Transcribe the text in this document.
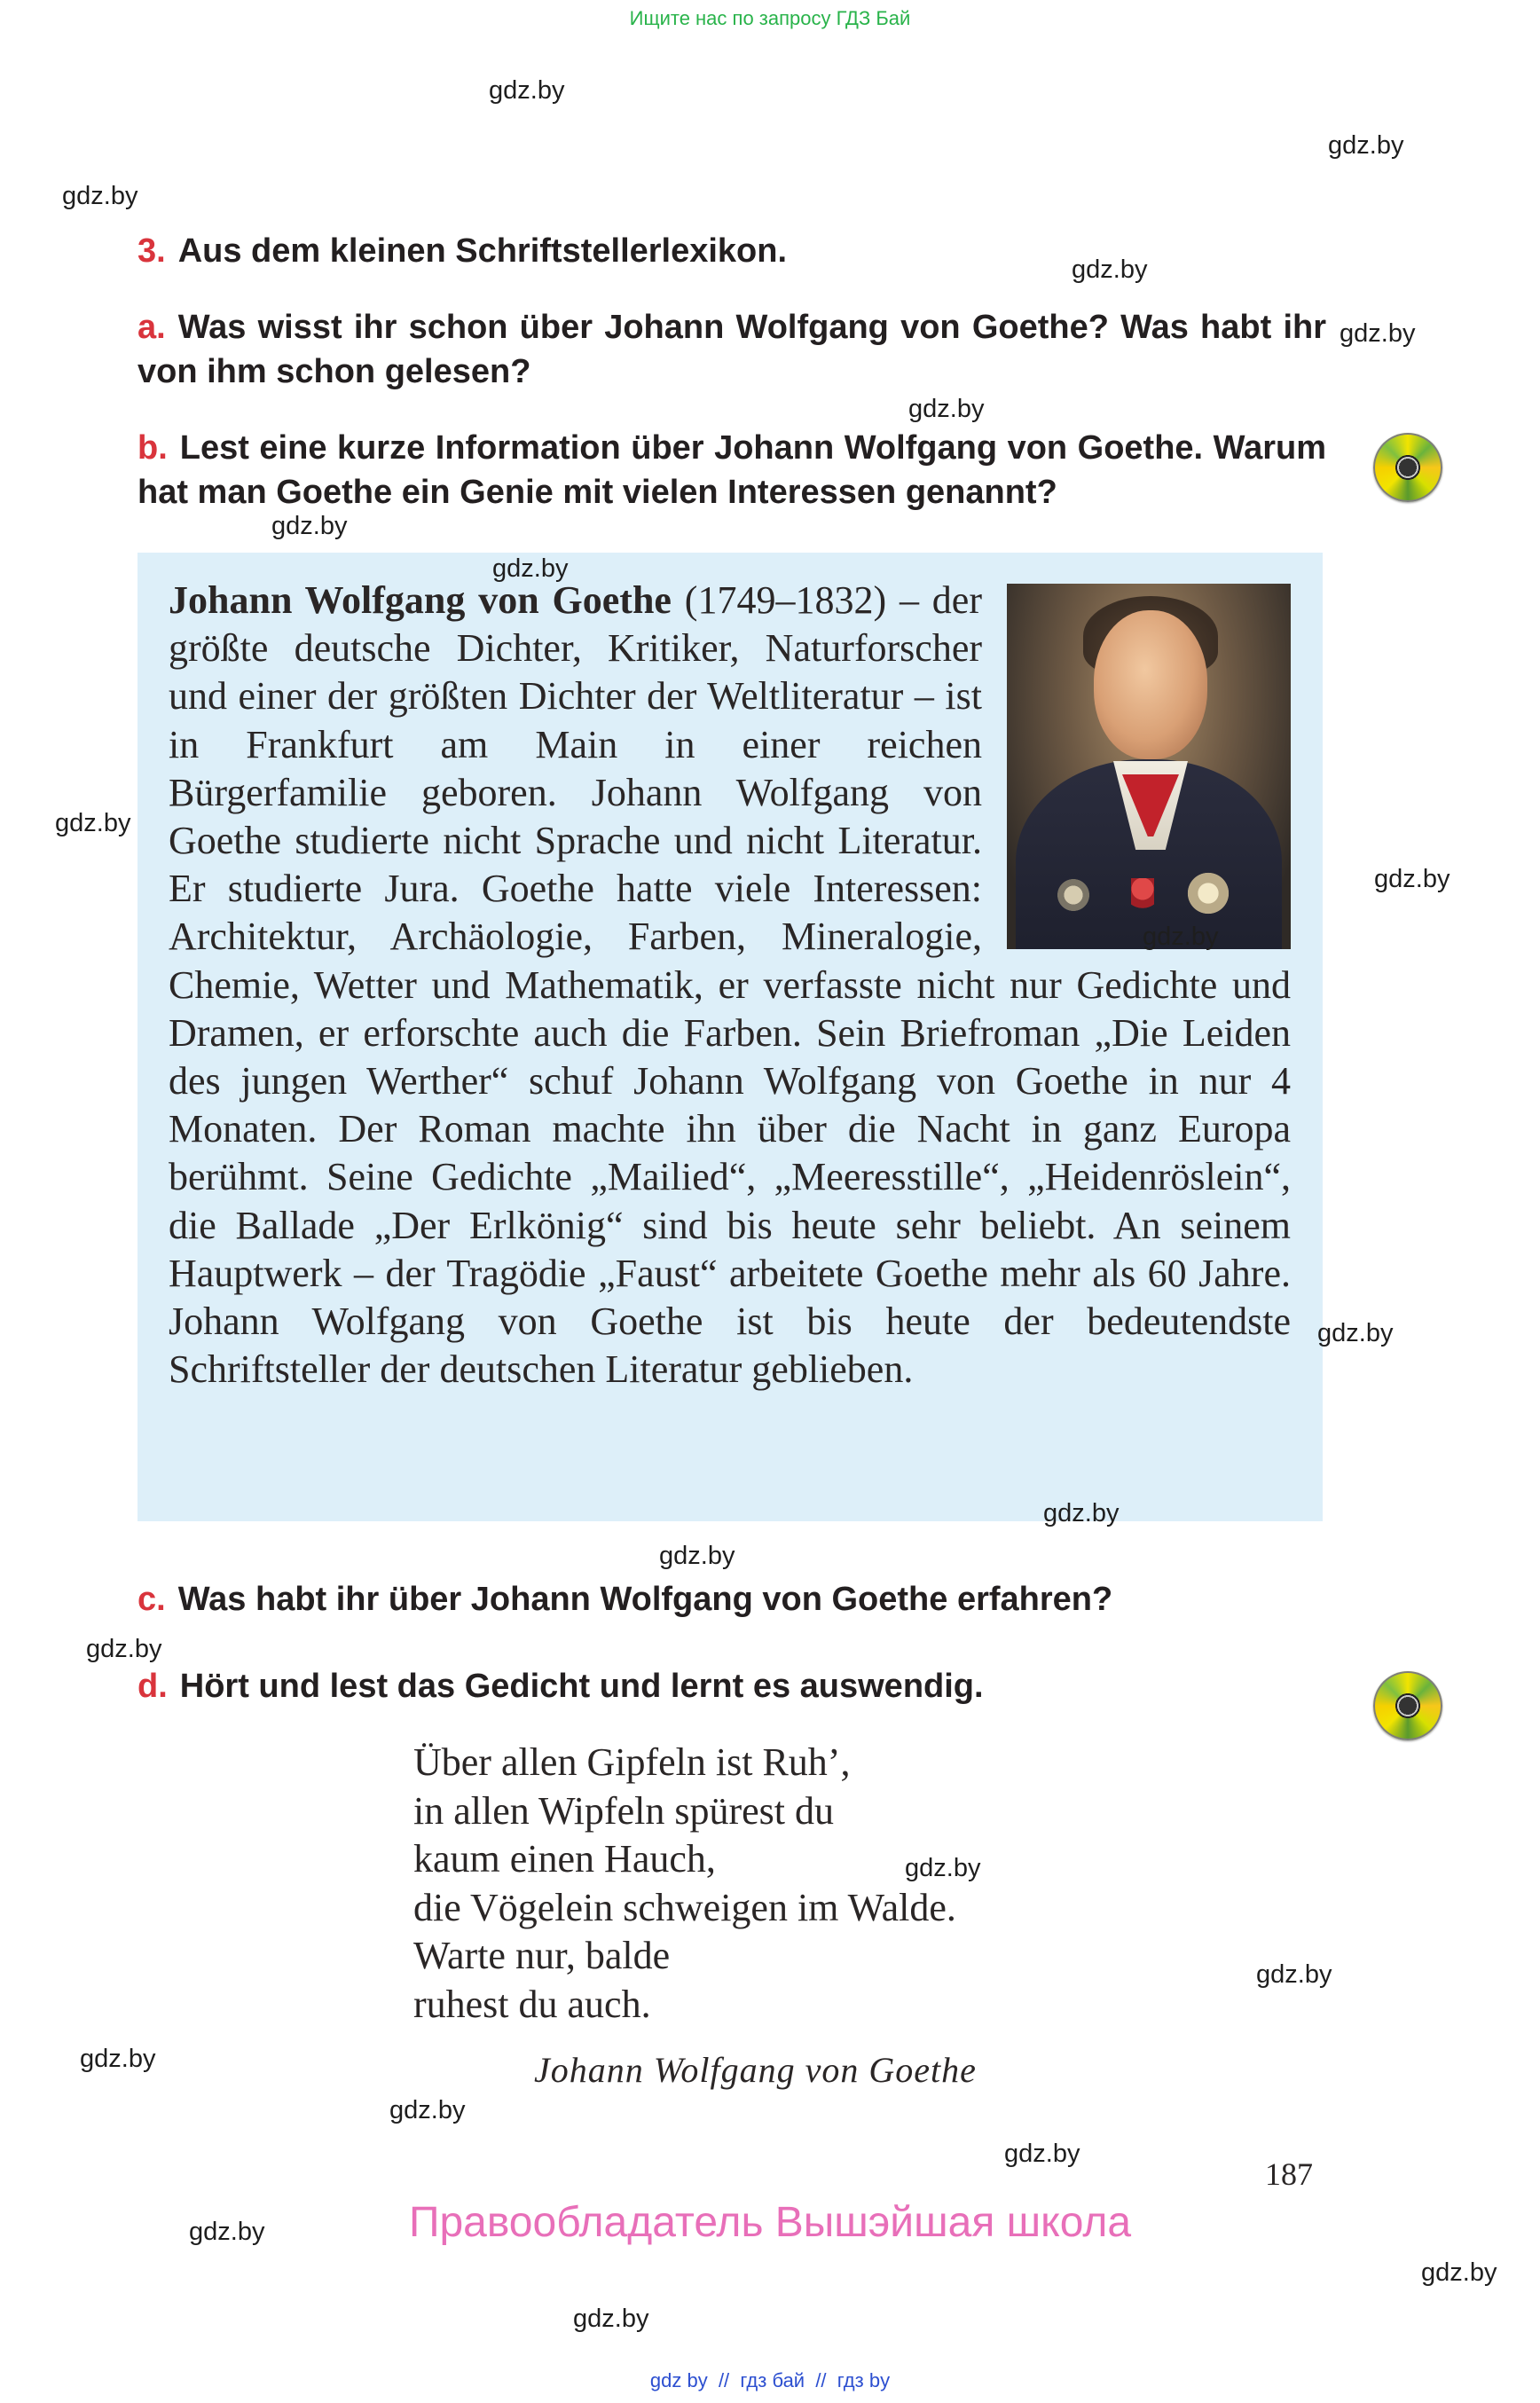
Ищите нас по запросу ГДЗ Бай
gdz.by
gdz.by
gdz.by
gdz.by
gdz.by
gdz.by
gdz.by
3. Aus dem kleinen Schriftstellerlexikon.
a. Was wisst ihr schon über Johann Wolfgang von Goethe? Was habt ihr von ihm schon gelesen?
b. Lest eine kurze Information über Johann Wolfgang von Goethe. Warum hat man Goethe ein Genie mit vielen Interessen genannt?
gdz.by
Johann Wolfgang von Goethe (1749–1832) – der größte deutsche Dichter, Kritiker, Naturforscher und einer der größten Dichter der Weltliteratur – ist in Frankfurt am Main in einer reichen Bürgerfamilie geboren. Johann Wolfgang von Goethe studierte nicht Sprache und nicht Literatur. Er studierte Jura. Goethe hatte viele Interessen: Architektur, Archäologie, Farben, Mineralogie, Chemie, Wetter und Mathematik, er verfasste nicht nur Gedichte und Dramen, er erforschte auch die Farben. Sein Briefroman „Die Leiden des jungen Werther“ schuf Johann Wolfgang von Goethe in nur 4 Monaten. Der Roman machte ihn über die Nacht in ganz Europa berühmt. Seine Gedichte „Mailied“, „Meeresstille“, „Heidenröslein“, die Ballade „Der Erlkönig“ sind bis heute sehr beliebt. An seinem Hauptwerk – der Tragödie „Faust“ arbeitete Goethe mehr als 60 Jahre. Johann Wolfgang von Goethe ist bis heute der bedeutendste Schriftsteller der deutschen Literatur geblieben.
gdz.by
gdz.by
gdz.by
gdz.by
gdz.by
gdz.by
c. Was habt ihr über Johann Wolfgang von Goethe erfahren?
gdz.by
d. Hört und lest das Gedicht und lernt es auswendig.
Über allen Gipfeln ist Ruh’,
in allen Wipfeln spürest du
kaum einen Hauch,
die Vögelein schweigen im Walde.
Warte nur, balde
ruhest du auch.
gdz.by
gdz.by
Johann Wolfgang von Goethe
gdz.by
gdz.by
gdz.by
187
gdz.by	Правообладатель Вышэйшая школа
gdz.by
gdz.by
gdz by  //  гдз бай  //  гдз by
